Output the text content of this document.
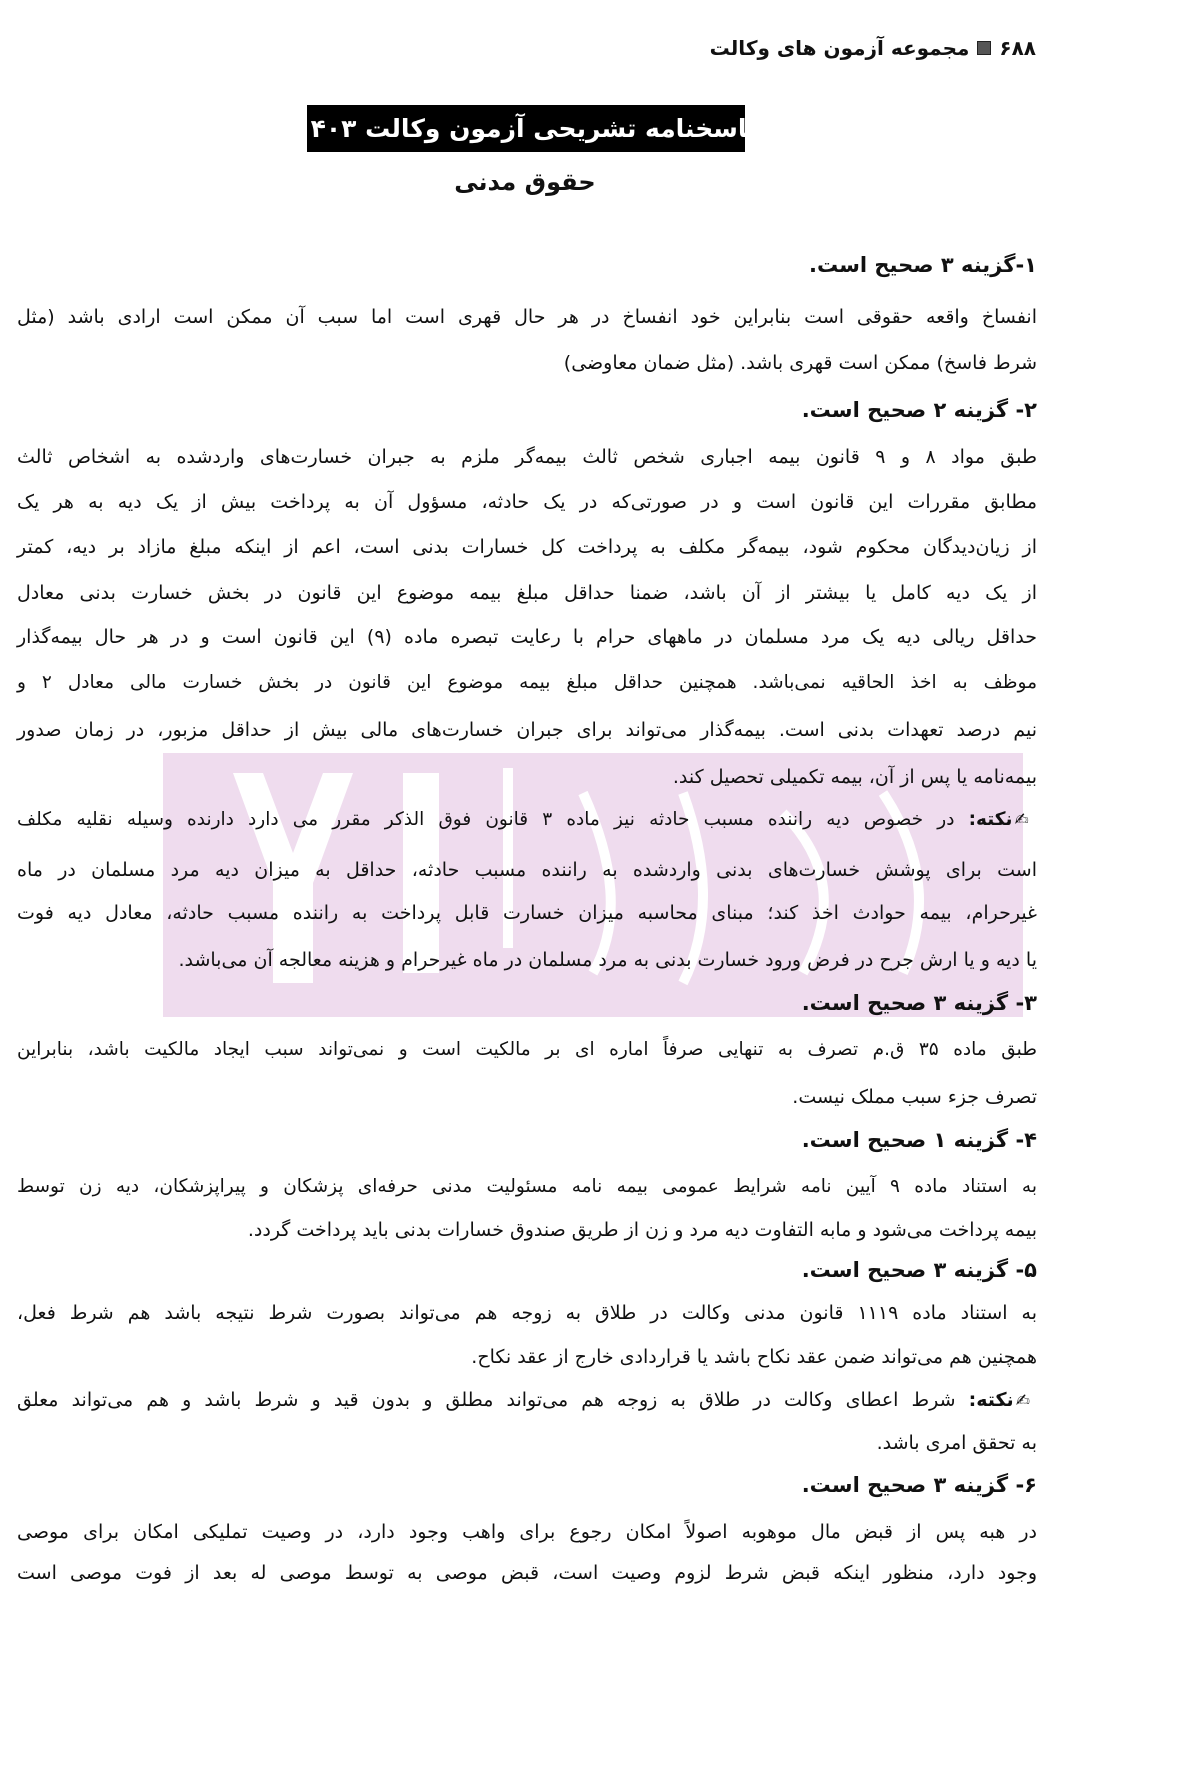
۶۸۸
مجموعه آزمون های وکالت
پاسخنامه تشریحی آزمون وکالت ۱۴۰۳
حقوق مدنی
۱-گزینه ۳ صحیح است.
انفساخ واقعه حقوقی است بنابراین خود انفساخ در هر حال قهری است اما سبب آن ممکن است ارادی باشد (مثل
شرط فاسخ) ممکن است قهری باشد. (مثل ضمان معاوضی)
۲- گزینه ۲ صحیح است.
طبق مواد ۸ و ۹ قانون بیمه اجباری شخص ثالث بیمه‌گر ملزم به جبران خسارت‌های واردشده به اشخاص ثالث
مطابق مقررات این قانون است و در صورتی‌که در یک حادثه، مسؤول آن به پرداخت بیش از یک دیه به هر یک
از زیان‌دیدگان محکوم شود، بیمه‌گر مکلف به پرداخت کل خسارات بدنی است، اعم از اینکه مبلغ مازاد بر دیه، کمتر
از یک دیه کامل یا بیشتر از آن باشد، ضمنا حداقل مبلغ بیمه موضوع این قانون در بخش خسارت بدنی معادل
حداقل ریالی دیه یک مرد مسلمان در ماههای حرام با رعایت تبصره ماده (۹) این قانون است و در هر حال بیمه‌گذار
موظف به اخذ الحاقیه نمی‌باشد. همچنین حداقل مبلغ بیمه موضوع این قانون در بخش خسارت مالی معادل ۲ و
نیم درصد تعهدات بدنی است. بیمه‌گذار می‌تواند برای جبران خسارت‌های مالی بیش از حداقل مزبور، در زمان صدور
بیمه‌نامه یا پس از آن، بیمه تکمیلی تحصیل کند.
✍نکته: در خصوص دیه راننده مسبب حادثه نیز ماده ۳ قانون فوق الذکر مقرر می دارد دارنده وسیله نقلیه مکلف
است برای پوشش خسارت‌های بدنی واردشده به راننده مسبب حادثه، حداقل به میزان دیه مرد مسلمان در ماه
غیرحرام، بیمه حوادث اخذ کند؛ مبنای محاسبه میزان خسارت قابل پرداخت به راننده مسبب حادثه، معادل دیه فوت
یا دیه و یا ارش جرح در فرض ورود خسارت بدنی به مرد مسلمان در ماه غیرحرام و هزینه معالجه آن می‌باشد.
۳- گزینه ۳ صحیح است.
طبق ماده ۳۵ ق.م تصرف به تنهایی صرفاً اماره ای بر مالکیت است و نمی‌تواند سبب ایجاد مالکیت باشد، بنابراین
تصرف جزء سبب مملک نیست.
۴- گزینه ۱ صحیح است.
به استناد ماده ۹ آیین نامه شرایط عمومی بیمه نامه مسئولیت مدنی حرفه‌ای پزشکان و پیراپزشکان، دیه زن توسط
بیمه پرداخت می‌شود و مابه التفاوت دیه مرد و زن از طریق صندوق خسارات بدنی باید پرداخت گردد.
۵- گزینه ۳ صحیح است.
به استناد ماده ۱۱۱۹ قانون مدنی وکالت در طلاق به زوجه هم می‌تواند بصورت شرط نتیجه باشد هم شرط فعل،
همچنین هم می‌تواند ضمن عقد نکاح باشد یا قراردادی خارج از عقد نکاح.
✍نکته: شرط اعطای وکالت در طلاق به زوجه هم می‌تواند مطلق و بدون قید و شرط باشد و هم می‌تواند معلق
به تحقق امری باشد.
۶- گزینه ۳ صحیح است.
در هبه پس از قبض مال موهوبه اصولاً امکان رجوع برای واهب وجود دارد، در وصیت تملیکی امکان برای موصی
وجود دارد، منظور اینکه قبض شرط لزوم وصیت است، قبض موصی به توسط موصی له بعد از فوت موصی است
